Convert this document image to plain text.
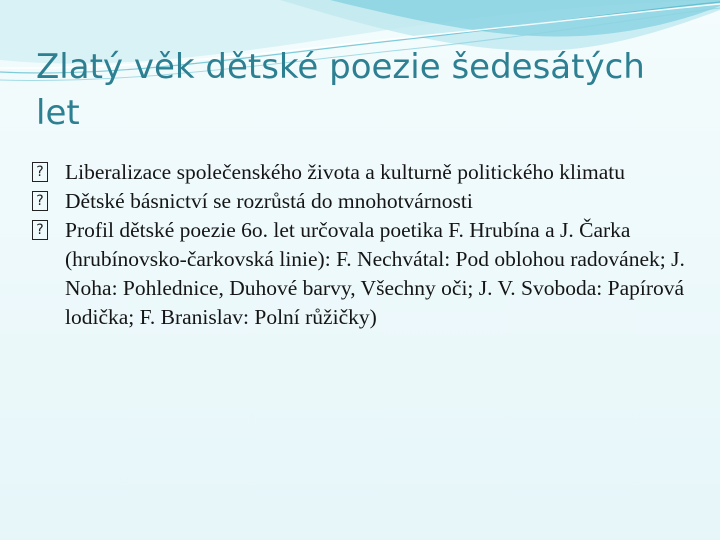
Zlatý věk dětské poezie šedesátých let
? Liberalizace společenského života a kulturně politického klimatu
? Dětské básnictví se rozrůstá do mnohotvárnosti
? Profil dětské poezie 6o. let určovala poetika F. Hrubína a J. Čarka (hrubínovsko-čarkovská linie): F. Nechvátal: Pod oblohou radovánek; J. Noha: Pohlednice, Duhové barvy, Všechny oči; J. V. Svoboda: Papírová lodička; F. Branislav: Polní růžičky)
